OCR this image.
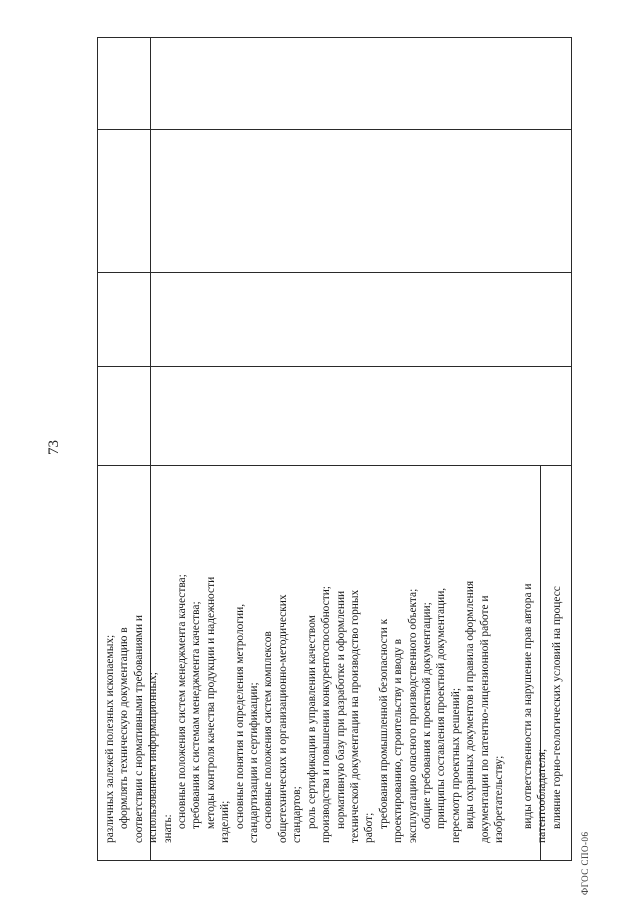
73
ФГОС СПО-06

различных залежей полезных ископаемых; оформлять техническую документацию в соответствии с нормативными требованиями и использованием информационных; знать: основные положения систем менеджмента качества; требования к системам менеджмента качества; методы контроля качества продукции и надежности изделий; основные понятия и определения метрологии, стандартизации и сертификации; основные положения систем комплексов общетехнических и организационно-методических стандартов; роль сертификации в управлении качеством производства и повышении конкурентоспособности; нормативную базу при разработке и оформлении технической документации на производство горных работ; требования промышленной безопасности к проектированию, строительству и вводу в эксплуатацию опасного производственного объекта; общие требования к проектной документации; принципы составления проектной документации, пересмотр проектных решений; виды охранных документов и правила оформления документации по патентно-лицензионной работе и изобретательству;

виды ответственности за нарушение прав автора и патентообладателя; влияние горно-геологических условий на процесс
